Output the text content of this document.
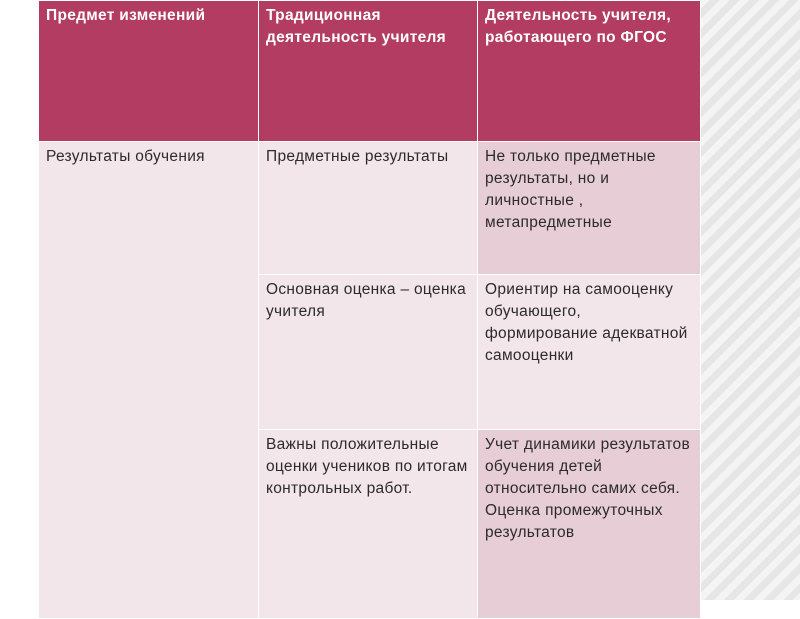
Предмет изменений	Традиционная деятельность учителя	Деятельность учителя, работающего по ФГОС
Результаты обучения	Предметные результаты	Не только предметные результаты, но и личностные , метапредметные
	Основная оценка – оценка учителя	Ориентир на самооценку обучающего, формирование адекватной самооценки
	Важны положительные оценки учеников по итогам контрольных работ.	Учет динамики результатов обучения детей относительно самих себя. Оценка промежуточных результатов
